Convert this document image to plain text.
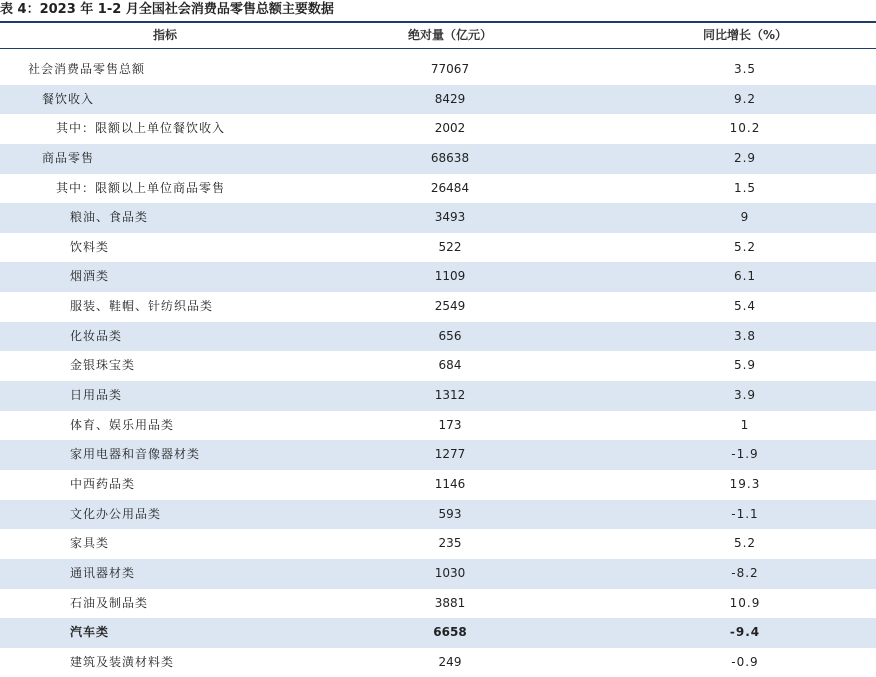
表 4：2023 年 1-2 月全国社会消费品零售总额主要数据
指标	绝对量（亿元）	同比增长（%）
社会消费品零售总额	77067	3.5
餐饮收入	8429	9.2
其中：限额以上单位餐饮收入	2002	10.2
商品零售	68638	2.9
其中：限额以上单位商品零售	26484	1.5
粮油、食品类	3493	9
饮料类	522	5.2
烟酒类	1109	6.1
服装、鞋帽、针纺织品类	2549	5.4
化妆品类	656	3.8
金银珠宝类	684	5.9
日用品类	1312	3.9
体育、娱乐用品类	173	1
家用电器和音像器材类	1277	-1.9
中西药品类	1146	19.3
文化办公用品类	593	-1.1
家具类	235	5.2
通讯器材类	1030	-8.2
石油及制品类	3881	10.9
汽车类	6658	-9.4
建筑及装潢材料类	249	-0.9
